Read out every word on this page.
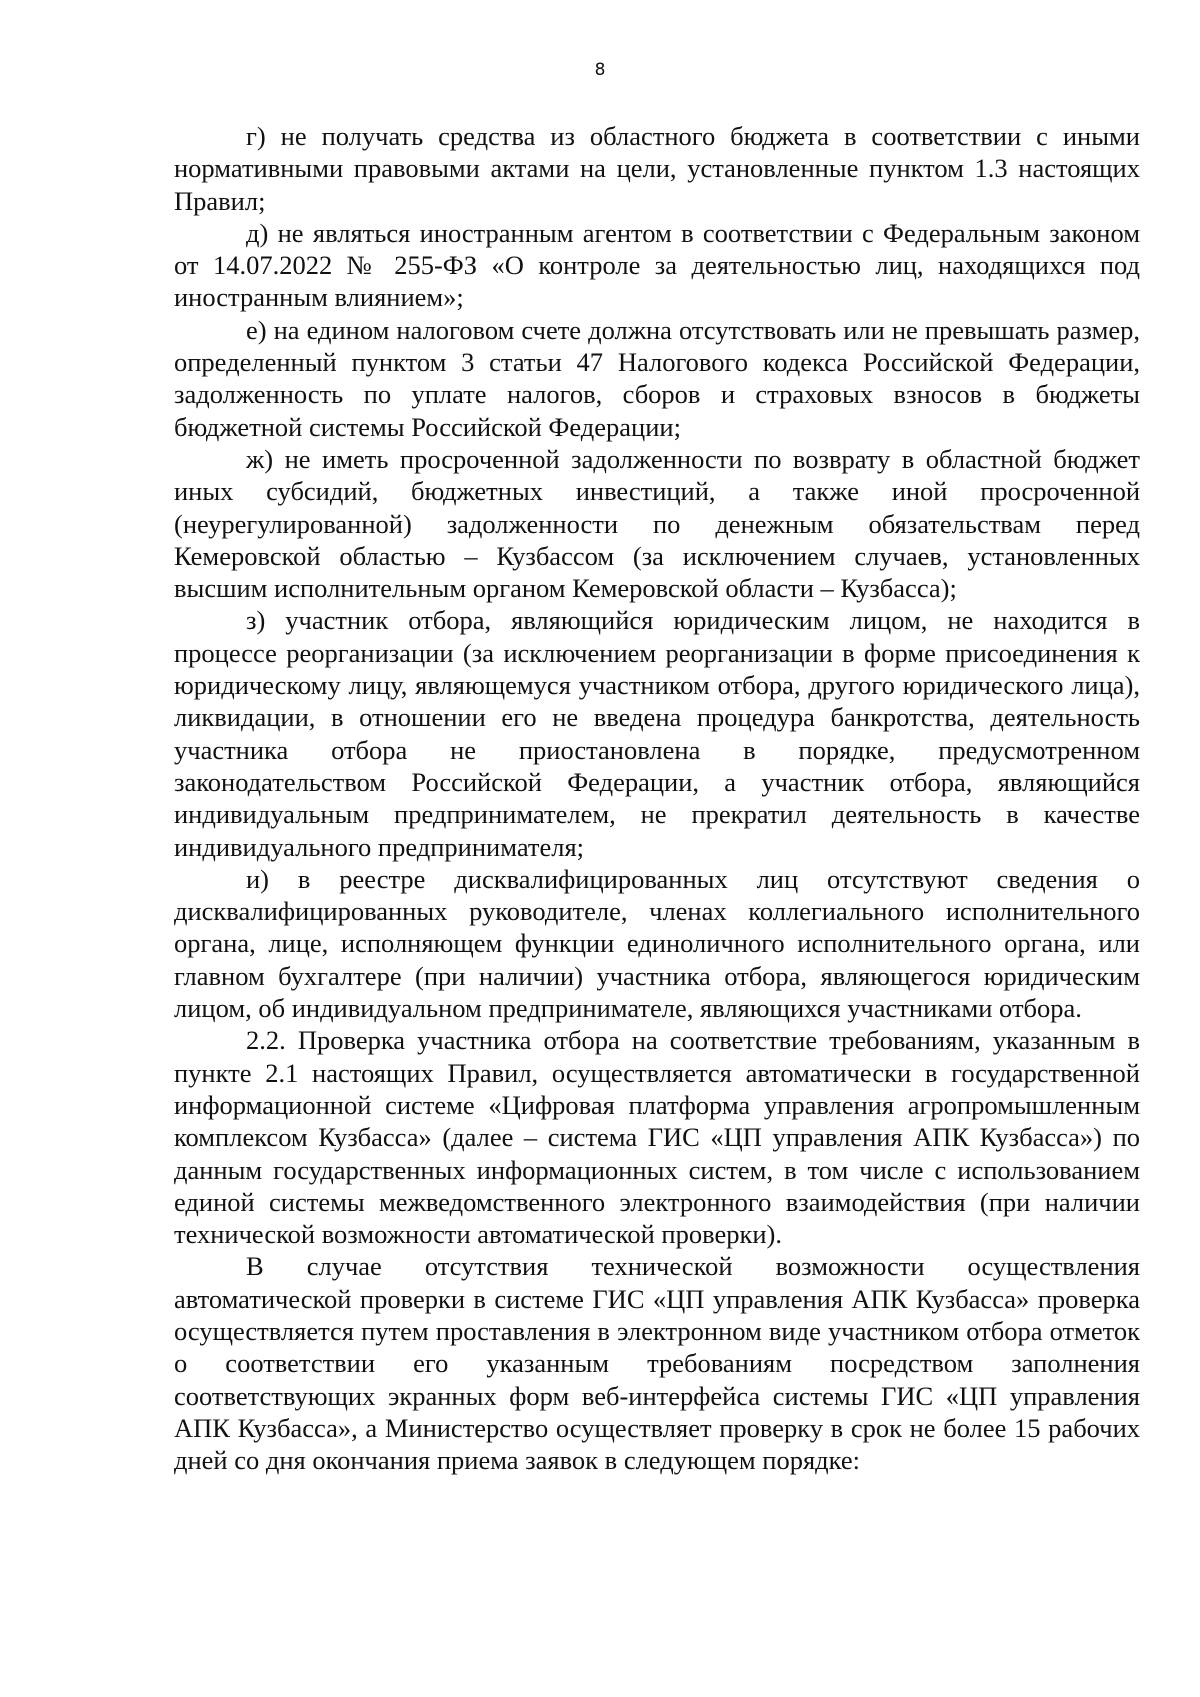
8

г) не получать средства из областного бюджета в соответствии с иными нормативными правовыми актами на цели, установленные пунктом 1.3 настоящих Правил;

д) не являться иностранным агентом в соответствии с Федеральным законом от 14.07.2022 № 255-ФЗ «О контроле за деятельностью лиц, находящихся под иностранным влиянием»;

е) на едином налоговом счете должна отсутствовать или не превышать размер, определенный пунктом 3 статьи 47 Налогового кодекса Российской Федерации, задолженность по уплате налогов, сборов и страховых взносов в бюджеты бюджетной системы Российской Федерации;

ж) не иметь просроченной задолженности по возврату в областной бюджет иных субсидий, бюджетных инвестиций, а также иной просроченной (неурегулированной) задолженности по денежным обязательствам перед Кемеровской областью – Кузбассом (за исключением случаев, установленных высшим исполнительным органом Кемеровской области – Кузбасса);

з) участник отбора, являющийся юридическим лицом, не находится в процессе реорганизации (за исключением реорганизации в форме присоединения к юридическому лицу, являющемуся участником отбора, другого юридического лица), ликвидации, в отношении его не введена процедура банкротства, деятельность участника отбора не приостановлена в порядке, предусмотренном законодательством Российской Федерации, а участник отбора, являющийся индивидуальным предпринимателем, не прекратил деятельность в качестве индивидуального предпринимателя;

и) в реестре дисквалифицированных лиц отсутствуют сведения о дисквалифицированных руководителе, членах коллегиального исполнительного органа, лице, исполняющем функции единоличного исполнительного органа, или главном бухгалтере (при наличии) участника отбора, являющегося юридическим лицом, об индивидуальном предпринимателе, являющихся участниками отбора.

2.2. Проверка участника отбора на соответствие требованиям, указанным в пункте 2.1 настоящих Правил, осуществляется автоматически в государственной информационной системе «Цифровая платформа управления агропромышленным комплексом Кузбасса» (далее – система ГИС «ЦП управления АПК Кузбасса») по данным государственных информационных систем, в том числе с использованием единой системы межведомственного электронного взаимодействия (при наличии технической возможности автоматической проверки).

В случае отсутствия технической возможности осуществления автоматической проверки в системе ГИС «ЦП управления АПК Кузбасса» проверка осуществляется путем проставления в электронном виде участником отбора отметок о соответствии его указанным требованиям посредством заполнения соответствующих экранных форм веб-интерфейса системы ГИС «ЦП управления АПК Кузбасса», а Министерство осуществляет проверку в срок не более 15 рабочих дней со дня окончания приема заявок в следующем порядке:
